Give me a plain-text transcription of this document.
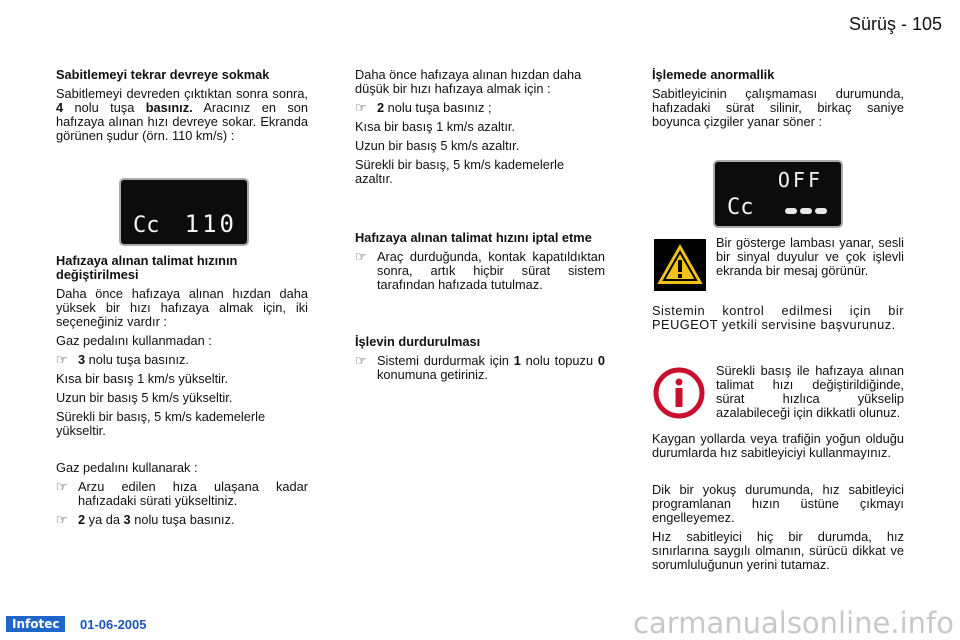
Sürüş - 105
Sabitlemeyi tekrar devreye sokmak

Sabitlemeyi devreden çıktıktan sonra sonra, 4 nolu tuşa basınız. Aracınız en son hafızaya alınan hızı devreye sokar. Ekranda görünen şudur (örn. 110 km/s) :

Cc 110
Hafızaya alınan talimat hızının değiştirilmesi

Daha önce hafızaya alınan hızdan daha yüksek bir hızı hafızaya almak için, iki seçeneğiniz vardır :

Gaz pedalını kullanmadan :

☞ 3 nolu tuşa basınız.

Kısa bir basış 1 km/s yükseltir.

Uzun bir basış 5 km/s yükseltir.

Sürekli bir basış, 5 km/s kademelerle yükseltir.

Gaz pedalını kullanarak :

☞ Arzu edilen hıza ulaşana kadar hafızadaki sürati yükseltiniz.
☞ 2 ya da 3 nolu tuşa basınız.

Daha önce hafızaya alınan hızdan daha düşük bir hızı hafızaya almak için :

☞ 2 nolu tuşa basınız ;

Kısa bir basış 1 km/s azaltır.

Uzun bir basış 5 km/s azaltır.

Sürekli bir basış, 5 km/s kademelerle azaltır.

Hafızaya alınan talimat hızını iptal etme
☞ Araç durduğunda, kontak kapatıldıktan sonra, artık hiçbir sürat sistem tarafından hafızada tutulmaz.
İşlevin durdurulması
☞ Sistemi durdurmak için 1 nolu topuzu 0 konumuna getiriniz.
İşlemede anormallik

Sabitleyicinin çalışmaması durumunda, hafızadaki sürat silinir, birkaç saniye boyunca çizgiler yanar söner :

OFF
Cc

Bir gösterge lambası yanar, sesli bir sinyal duyulur ve çok işlevli ekranda bir mesaj görünür.

Sistemin kontrol edilmesi için bir PEUGEOT yetkili servisine başvurunuz.

Sürekli basış ile hafızaya alınan talimat hızı değiştirildiğinde, sürat hızlıca yükselip azalabileceği için dikkatli olunuz.

Kaygan yollarda veya trafiğin yoğun olduğu durumlarda hız sabitleyiciyi kullanmayınız.

Dik bir yokuş durumunda, hız sabitleyici programlanan hızın üstüne çıkmayı engelleyemez.

Hız sabitleyici hiç bir durumda, hız sınırlarına saygılı olmanın, sürücü dikkat ve sorumluluğunun yerini tutamaz.

Infotec	01-06-2005	carmanualsonline.info
